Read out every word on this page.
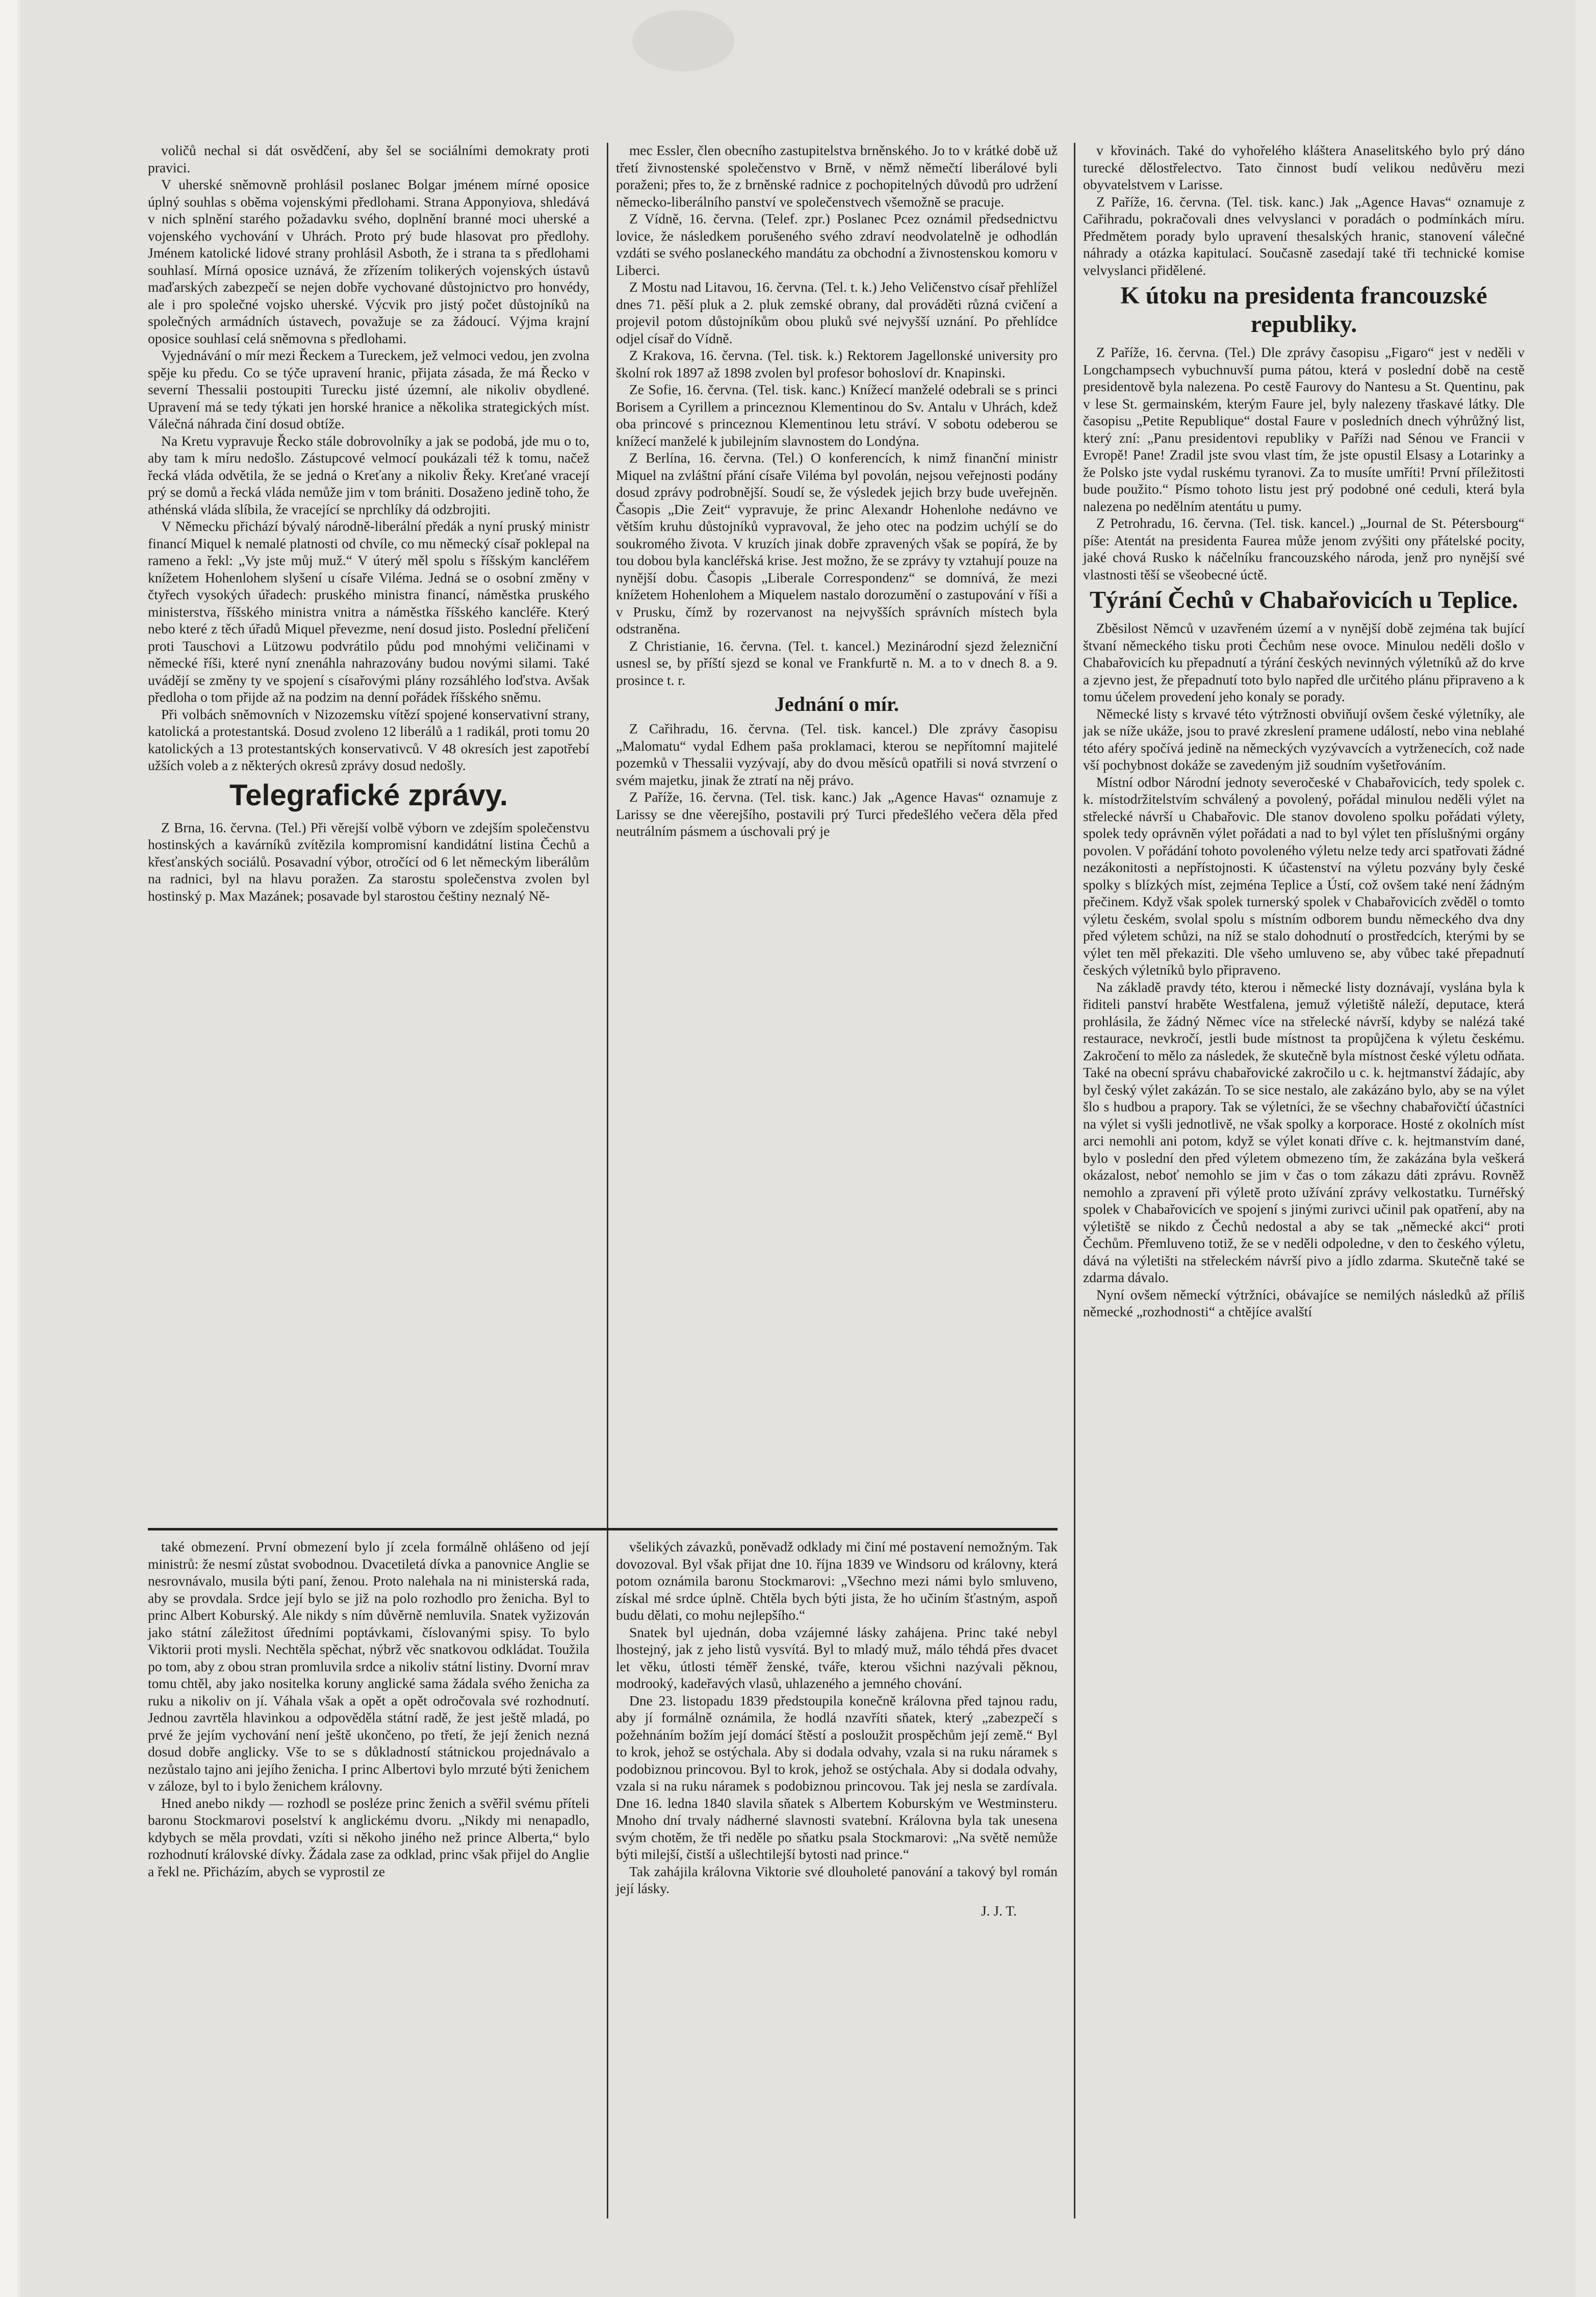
voličů nechal si dát osvědčení, aby šel se sociálními demokraty proti pravici.

V uherské sněmovně prohlásil poslanec Bolgar jménem mírné oposice úplný souhlas s oběma vojenskými předlohami. Strana Apponyiova, shledává v nich splnění starého požadavku svého, doplnění branné moci uherské a vojenského vychování v Uhrách. Proto prý bude hlasovat pro předlohy. Jménem katolické lidové strany prohlásil Asboth, že i strana ta s předlohami souhlasí. Mírná oposice uznává, že zřízením tolikerých vojenských ústavů maďarských zabezpečí se nejen dobře vychované důstojnictvo pro honvédy, ale i pro společné vojsko uherské. Výcvik pro jistý počet důstojníků na společných armádních ústavech, považuje se za žádoucí. Výjma krajní oposice souhlasí celá sněmovna s předlohami.

Vyjednávání o mír mezi Řeckem a Tureckem, jež velmoci vedou, jen zvolna spěje ku předu. Co se týče upravení hranic, přijata zásada, že má Řecko v severní Thessalii postoupiti Turecku jisté územní, ale nikoliv obydlené. Upravení má se tedy týkati jen horské hranice a několika strategických míst. Válečná náhrada činí dosud obtíže.

Na Kretu vypravuje Řecko stále dobrovolníky a jak se podobá, jde mu o to, aby tam k míru nedošlo. Zástupcové velmocí poukázali též k tomu, načež řecká vláda odvětila, že se jedná o Kreťany a nikoliv Řeky. Kreťané vracejí prý se domů a řecká vláda nemůže jim v tom brániti. Dosaženo jedině toho, že athénská vláda slíbila, že vracející se nprchlíky dá odzbrojiti.

V Německu přichází bývalý národně-liberální předák a nyní pruský ministr financí Miquel k nemalé platnosti od chvíle, co mu německý císař poklepal na rameno a řekl: „Vy jste můj muž.“ V úterý měl spolu s říšským kancléřem knížetem Hohenlohem slyšení u císaře Viléma. Jedná se o osobní změny v čtyřech vysokých úřadech: pruského ministra financí, náměstka pruského ministerstva, říšského ministra vnitra a náměstka říšského kancléře. Který nebo které z těch úřadů Miquel převezme, není dosud jisto. Poslední přeličení proti Tauschovi a Lützowu podvrátilo půdu pod mnohými veličinami v německé říši, které nyní znenáhla nahrazovány budou novými silami. Také uvádějí se změny ty ve spojení s císařovými plány rozsáhlého loďstva. Avšak předloha o tom přijde až na podzim na denní pořádek říšského sněmu.

Při volbách sněmovních v Nizozemsku vítězí spojené konservativní strany, katolická a protestantská. Dosud zvoleno 12 liberálů a 1 radikál, proti tomu 20 katolických a 13 protestantských konservativců. V 48 okresích jest zapotřebí užších voleb a z některých okresů zprávy dosud nedošly.

Telegrafické zprávy.

Z Brna, 16. června. (Tel.) Při věrejší volbě výborn ve zdejším společenstvu hostinských a kavárníků zvítězila kompromisní kandidátní listina Čechů a křesťanských sociálů. Posavadní výbor, otročící od 6 let německým liberálům na radnici, byl na hlavu poražen. Za starostu společenstva zvolen byl hostinský p. Max Mazánek; posavade byl starostou češtiny neznalý Ně-

mec Essler, člen obecního zastupitelstva brněnského. Jo to v krátké době už třetí živnostenské společenstvo v Brně, v němž němečtí liberálové byli poraženi; přes to, že z brněnské radnice z pochopitelných důvodů pro udržení německo-liberálního panství ve společenstvech všemožně se pracuje.

Z Vídně, 16. června. (Telef. zpr.) Poslanec Pcez oznámil předsednictvu lovice, že následkem porušeného svého zdraví neodvolatelně je odhodlán vzdáti se svého poslaneckého mandátu za obchodní a živnostenskou komoru v Liberci.

Z Mostu nad Litavou, 16. června. (Tel. t. k.) Jeho Veličenstvo císař přehlížel dnes 71. pěší pluk a 2. pluk zemské obrany, dal prováděti různá cvičení a projevil potom důstojníkům obou pluků své nejvyšší uznání. Po přehlídce odjel císař do Vídně.

Z Krakova, 16. června. (Tel. tisk. k.) Rektorem Jagellonské university pro školní rok 1897 až 1898 zvolen byl profesor bohosloví dr. Knapinski.

Ze Sofie, 16. června. (Tel. tisk. kanc.) Knížecí manželé odebrali se s princi Borisem a Cyrillem a princeznou Klementinou do Sv. Antalu v Uhrách, kdež oba princové s princeznou Klementinou letu stráví. V sobotu odeberou se knížecí manželé k jubilejním slavnostem do Londýna.

Z Berlína, 16. června. (Tel.) O konferencích, k nimž finanční ministr Miquel na zvláštní přání císaře Viléma byl povolán, nejsou veřejnosti podány dosud zprávy podrobnější. Soudí se, že výsledek jejich brzy bude uveřejněn. Časopis „Die Zeit“ vypravuje, že princ Alexandr Hohenlohe nedávno ve větším kruhu důstojníků vypravoval, že jeho otec na podzim uchýlí se do soukromého života. V kruzích jinak dobře zpravených však se popírá, že by tou dobou byla kancléřská krise. Jest možno, že se zprávy ty vztahují pouze na nynější dobu. Časopis „Liberale Correspondenz“ se domnívá, že mezi knížetem Hohenlohem a Miquelem nastalo dorozumění o zastupování v říši a v Prusku, čímž by rozervanost na nejvyšších správních místech byla odstraněna.

Z Christianie, 16. června. (Tel. t. kancel.) Mezinárodní sjezd železniční usnesl se, by příští sjezd se konal ve Frankfurtě n. M. a to v dnech 8. a 9. prosince t. r.

Jednání o mír.

Z Cařihradu, 16. června. (Tel. tisk. kancel.) Dle zprávy časopisu „Malomatu“ vydal Edhem paša proklamaci, kterou se nepřítomní majitelé pozemků v Thessalii vyzývají, aby do dvou měsíců opatřili si nová stvrzení o svém majetku, jinak že ztratí na něj právo.

Z Paříže, 16. června. (Tel. tisk. kanc.) Jak „Agence Havas“ oznamuje z Larissy se dne věerejšího, postavili prý Turci předešlého večera děla před neutrálním pásmem a úschovali prý je

v křovinách. Také do vyhořelého kláštera Anaselitského bylo prý dáno turecké dělostřelectvo. Tato činnost budí velikou nedůvěru mezi obyvatelstvem v Larisse.

Z Paříže, 16. června. (Tel. tisk. kanc.) Jak „Agence Havas“ oznamuje z Cařihradu, pokračovali dnes velvyslanci v poradách o podmínkách míru. Předmětem porady bylo upravení thesalských hranic, stanovení válečné náhrady a otázka kapitulací. Současně zasedají také tři technické komise velvyslanci přidělené.

K útoku na presidenta francouzské republiky.

Z Paříže, 16. června. (Tel.) Dle zprávy časopisu „Figaro“ jest v neděli v Longchampsech vybuchnuvší puma pátou, která v poslední době na cestě presidentově byla nalezena. Po cestě Faurovy do Nantesu a St. Quentinu, pak v lese St. germainském, kterým Faure jel, byly nalezeny třaskavé látky. Dle časopisu „Petite Republique“ dostal Faure v posledních dnech výhrůžný list, který zní: „Panu presidentovi republiky v Paříži nad Sénou ve Francii v Evropě! Pane! Zradil jste svou vlast tím, že jste opustil Elsasy a Lotarinky a že Polsko jste vydal ruskému tyranovi. Za to musíte umříti! První příležitosti bude použito.“ Písmo tohoto listu jest prý podobné oné ceduli, která byla nalezena po nedělním atentátu u pumy.

Z Petrohradu, 16. června. (Tel. tisk. kancel.) „Journal de St. Pétersbourg“ píše: Atentát na presidenta Faurea může jenom zvýšiti ony přátelské pocity, jaké chová Rusko k náčelníku francouzského národa, jenž pro nynější své vlastnosti těší se všeobecné úctě.

Týrání Čechů v Chabařovicích u Teplice.

Zběsilost Němců v uzavřeném území a v nynější době zejména tak bující štvaní německého tisku proti Čechům nese ovoce. Minulou neděli došlo v Chabařovicích ku přepadnutí a týrání českých nevinných výletníků až do krve a zjevno jest, že přepadnutí toto bylo napřed dle určitého plánu připraveno a k tomu účelem provedení jeho konaly se porady.

Německé listy s krvavé této výtržnosti obviňují ovšem české výletníky, ale jak se níže ukáže, jsou to pravé zkreslení pramene událostí, nebo vina neblahé této aféry spočívá jedině na německých vyzývavcích a vytrženecích, což nade vší pochybnost dokáže se zavedeným již soudním vyšetřováním.

Místní odbor Národní jednoty severočeské v Chabařovicích, tedy spolek c. k. místodržitelstvím schválený a povolený, pořádal minulou neděli výlet na střelecké návrší u Chabařovic. Dle stanov dovoleno spolku pořádati výlety, spolek tedy oprávněn výlet pořádati a nad to byl výlet ten příslušnými orgány povolen. V pořádání tohoto povoleného výletu nelze tedy arci spatřovati žádné nezákonitosti a nepřístojnosti. K účastenství na výletu pozvány byly české spolky s blízkých míst, zejména Teplice a Ústí, což ovšem také není žádným přečinem. Když však spolek turnerský spolek v Chabařovicích zvěděl o tomto výletu českém, svolal spolu s místním odborem bundu německého dva dny před výletem schůzi, na níž se stalo dohodnutí o prostředcích, kterými by se výlet ten měl překaziti. Dle všeho umluveno se, aby vůbec také přepadnutí českých výletníků bylo připraveno.

Na základě pravdy této, kterou i německé listy doznávají, vyslána byla k řiditeli panství hraběte Westfalena, jemuž výletiště náleží, deputace, která prohlásila, že žádný Němec více na střelecké návrší, kdyby se nalézá také restaurace, nevkročí, jestli bude místnost ta propůjčena k výletu českému. Zakročení to mělo za následek, že skutečně byla místnost české výletu odňata. Také na obecní správu chabařovické zakročilo u c. k. hejtmanství žádajíc, aby byl český výlet zakázán. To se sice nestalo, ale zakázáno bylo, aby se na výlet šlo s hudbou a prapory. Tak se výletníci, že se všechny chabařovičtí účastníci na výlet si vyšli jednotlivě, ne však spolky a korporace. Hosté z okolních míst arci nemohli ani potom, když se výlet konati dříve c. k. hejtmanstvím dané, bylo v poslední den před výletem obmezeno tím, že zakázána byla veškerá okázalost, neboť nemohlo se jim v čas o tom zákazu dáti zprávu. Rovněž nemohlo a zpravení při výletě proto užívání zprávy velkostatku. Turnéřský spolek v Chabařovicích ve spojení s jinými zurivci učinil pak opatření, aby na výletiště se nikdo z Čechů nedostal a aby se tak „německé akci“ proti Čechům. Přemluveno totiž, že se v neděli odpoledne, v den to českého výletu, dává na výletišti na střeleckém návrší pivo a jídlo zdarma. Skutečně také se zdarma dávalo.

Nyní ovšem německí výtržníci, obávajíce se nemilých následků až příliš německé „rozhodnosti“ a chtějíce avalští

také obmezení. První obmezení bylo jí zcela formálně ohlášeno od její ministrů: že nesmí zůstat svobodnou. Dvacetiletá dívka a panovnice Anglie se nesrovnávalo, musila býti paní, ženou. Proto nalehala na ni ministerská rada, aby se provdala. Srdce její bylo se již na polo rozhodlo pro ženicha. Byl to princ Albert Koburský. Ale nikdy s ním důvěrně nemluvila. Snatek vyžizován jako státní záležitost úředními poptávkami, číslovanými spisy. To bylo Viktorii proti mysli. Nechtěla spěchat, nýbrž věc snatkovou odkládat. Toužila po tom, aby z obou stran promluvila srdce a nikoliv státní listiny. Dvorní mrav tomu chtěl, aby jako nositelka koruny anglické sama žádala svého ženicha za ruku a nikoliv on jí. Váhala však a opět a opět odročovala své rozhodnutí. Jednou zavrtěla hlavinkou a odpověděla státní radě, že jest ještě mladá, po prvé že jejím vychování není ještě ukončeno, po třetí, že její ženich nezná dosud dobře anglicky. Vše to se s důkladností státnickou projednávalo a nezůstalo tajno ani jejího ženicha. I princ Albertovi bylo mrzuté býti ženichem v záloze, byl to i bylo ženichem královny.

Hned anebo nikdy — rozhodl se posléze princ ženich a svěřil svému příteli baronu Stockmarovi poselství k anglickému dvoru. „Nikdy mi nenapadlo, kdybych se měla provdati, vzíti si někoho jiného než prince Alberta,“ bylo rozhodnutí královské dívky. Žádala zase za odklad, princ však přijel do Anglie a řekl ne. Přicházím, abych se vyprostil ze

všelikých závazků, poněvadž odklady mi činí mé postavení nemožným. Tak dovozoval. Byl však přijat dne 10. října 1839 ve Windsoru od královny, která potom oznámila baronu Stockmarovi: „Všechno mezi námi bylo smluveno, získal mé srdce úplně. Chtěla bych býti jista, že ho učiním šťastným, aspoň budu dělati, co mohu nejlepšího.“

Snatek byl ujednán, doba vzájemné lásky zahájena. Princ také nebyl lhostejný, jak z jeho listů vysvítá. Byl to mladý muž, málo téhdá přes dvacet let věku, útlosti téměř ženské, tváře, kterou všichni nazývali pěknou, modrooký, kadeřavých vlasů, uhlazeného a jemného chování.

Dne 23. listopadu 1839 předstoupila konečně královna před tajnou radu, aby jí formálně oznámila, že hodlá nzavříti sňatek, který „zabezpečí s požehnáním božím její domácí štěstí a posloužit prospěchům její země.“ Byl to krok, jehož se ostýchala. Aby si dodala odvahy, vzala si na ruku náramek s podobiznou princovou. Byl to krok, jehož se ostýchala. Aby si dodala odvahy, vzala si na ruku náramek s podobiznou princovou. Tak jej nesla se zardívala. Dne 16. ledna 1840 slavila sňatek s Albertem Koburským ve Westminsteru. Mnoho dní trvaly nádherné slavnosti svatební. Královna byla tak unesena svým chotěm, že tři neděle po sňatku psala Stockmarovi: „Na světě nemůže býti milejší, čistší a ušlechtilejší bytosti nad prince.“

Tak zahájila královna Viktorie své dlouholeté panování a takový byl román její lásky.

J. J. T.
